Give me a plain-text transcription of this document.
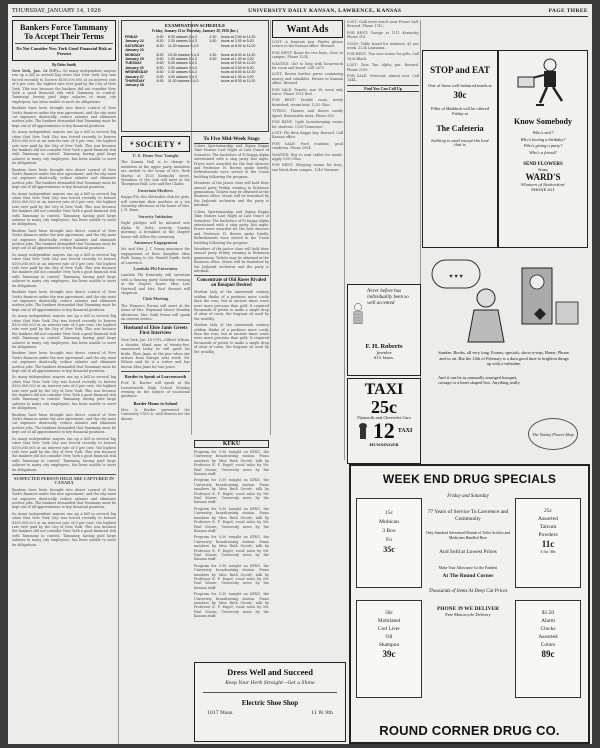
THURSDAY, JANUARY 14, 1926	UNIVERSITY DAILY KANSAN, LAWRENCE, KANSAS	PAGE THREE
Bankers Force Tammany To Accept Their Terms
Do Not Consider New York Good Financial Risk at Present
By Delos Smith

New York, Jan. 14 (UP)— So many independent mayors ran up a bill in several big cities that New York City was forced recently to borrow $100,000,000 at an interest rate of 6 per cent, the highest rate ever paid by the City of New York. This was because the bankers did not consider New York a good financial risk with Tammany in control. Tammany, having paid large salaries to many city employees, has been unable to meet its obligations.

Bankers have been brought into direct control of New York's finances under the new agreement, and the city must cut expenses drastically, reduce salaries and eliminate useless jobs. The bankers demanded that Tammany must be kept out of all appointments to key financial positions.

So many independent mayors ran up a bill in several big cities that New York City was forced recently to borrow $100,000,000 at an interest rate of 6 per cent, the highest rate ever paid by the City of New York. This was because the bankers did not consider New York a good financial risk with Tammany in control. Tammany, having paid large salaries to many city employees, has been unable to meet its obligations.

Bankers have been brought into direct control of New York's finances under the new agreement, and the city must cut expenses drastically, reduce salaries and eliminate useless jobs. The bankers demanded that Tammany must be kept out of all appointments to key financial positions.

So many independent mayors ran up a bill in several big cities that New York City was forced recently to borrow $100,000,000 at an interest rate of 6 per cent, the highest rate ever paid by the City of New York. This was because the bankers did not consider New York a good financial risk with Tammany in control. Tammany, having paid large salaries to many city employees, has been unable to meet its obligations.

Bankers have been brought into direct control of New York's finances under the new agreement, and the city must cut expenses drastically, reduce salaries and eliminate useless jobs. The bankers demanded that Tammany must be kept out of all appointments to key financial positions.

So many independent mayors ran up a bill in several big cities that New York City was forced recently to borrow $100,000,000 at an interest rate of 6 per cent, the highest rate ever paid by the City of New York. This was because the bankers did not consider New York a good financial risk with Tammany in control. Tammany, having paid large salaries to many city employees, has been unable to meet its obligations.

Bankers have been brought into direct control of New York's finances under the new agreement, and the city must cut expenses drastically, reduce salaries and eliminate useless jobs. The bankers demanded that Tammany must be kept out of all appointments to key financial positions.

So many independent mayors ran up a bill in several big cities that New York City was forced recently to borrow $100,000,000 at an interest rate of 6 per cent, the highest rate ever paid by the City of New York. This was because the bankers did not consider New York a good financial risk with Tammany in control. Tammany, having paid large salaries to many city employees, has been unable to meet its obligations.

Bankers have been brought into direct control of New York's finances under the new agreement, and the city must cut expenses drastically, reduce salaries and eliminate useless jobs. The bankers demanded that Tammany must be kept out of all appointments to key financial positions.

So many independent mayors ran up a bill in several big cities that New York City was forced recently to borrow $100,000,000 at an interest rate of 6 per cent, the highest rate ever paid by the City of New York. This was because the bankers did not consider New York a good financial risk with Tammany in control. Tammany, having paid large salaries to many city employees, has been unable to meet its obligations.

Bankers have been brought into direct control of New York's finances under the new agreement, and the city must cut expenses drastically, reduce salaries and eliminate useless jobs. The bankers demanded that Tammany must be kept out of all appointments to key financial positions.

So many independent mayors ran up a bill in several big cities that New York City was forced recently to borrow $100,000,000 at an interest rate of 6 per cent, the highest rate ever paid by the City of New York. This was because the bankers did not consider New York a good financial risk with Tammany in control. Tammany, having paid large salaries to many city employees, has been unable to meet its obligations.

SUSPECTED PERSON HELD ARE CAPTURED IN CANADA

Bankers have been brought into direct control of New York's finances under the new agreement, and the city must cut expenses drastically, reduce salaries and eliminate useless jobs. The bankers demanded that Tammany must be kept out of all appointments to key financial positions.

So many independent mayors ran up a bill in several big cities that New York City was forced recently to borrow $100,000,000 at an interest rate of 6 per cent, the highest rate ever paid by the City of New York. This was because the bankers did not consider New York a good financial risk with Tammany in control. Tammany, having paid large salaries to many city employees, has been unable to meet its obligations.

EXAMINATION SCHEDULE
Friday, January 22 to Thursday, January 28, 1926 (Inc.)
FRIDAY	8:30	8:30 classes 5,4,3	2:30	hours at 2:30 to 11:20
January 22	8:30	2:30 classes 5,4,3	3:30	hours at 3:30 to 5:20
SATURDAY	8:30	11:30 classes 5,4,3		hours at 8:30 to 11:20
January 23				
MONDAY	8:30	10:30 classes 5,4,3	1:30	hours at 8:30 to 11:20
January 25	8:30	1:30 classes 5,4,3	3:30	hours at 1:30 to 3:20
TUESDAY	8:30	9:30 classes 5,4,3		hours at 9:30 to 11:20
January 26	8:30	3:30 classes 5,4,3		hours at 3:30 to 5:20
WEDNESDAY	8:30	1:30 classes 5,4,3		hours at 8:30 to 11:20
January 27	8:30	4:30 classes 5,4,3		hours at 1:30 to 3:20
THURSDAY	8:30	11:30 classes 5,4,3		hours at 8:30 to 11:20
January 28				
❦ SOCIETY ❦
U. S. Demo Now Tonight

The Kansas Hall is to charge to members at the upper party, members are invited to the home of Mrs. Beth Martin at 1020 Kentucky street. Members of the club will meet at the Thompson Hall, Lots and Ber Chaltz.

Entertain Mothers

Kappa Phi, the Methodist club for girls, will entertain their mothers at a tea Saturday afternoon at the home of Mrs. J. H. Bunn.

Sorority Initiation

Eight pledges will be initiated into Alpha Xi Delta sorority Sunday morning. A breakfast at the chapter house will follow the ceremony.

Announce Engagement

Mr. and Mrs. J. T. Young announce the engagement of their daughter Miss Ruth Young to Mr. Harold Smith, both of Lawrence.

Lambda Phi Entertains

Lambda Phi fraternity will entertain with a dancing party Saturday evening at the chapter house. Miss Lois Hartwell and Mrs. Earl Stewart will chaperon.

Club Meeting

The Women's Forum will meet at the home of Mrs. Raymond Moore Monday afternoon. Mrs. Ruth Evans will speak on current events.

Husband of Elsie Janis Greets First Interview
New York, Jan. 14 (UP)—Gilbert Wilson, a slender, blond man of twenty-five, announced today he will greet his bride, Elsie Janis, at the pier when she arrives from Europe next week. Mr. Wilson said he is a writer and has known Miss Janis for two years.
Border to Speak at Leavenworth
Prof. R. Border will speak at the Leavenworth High School Monday evening on the subject of vocational guidance.
Border Home to School
Mrs. A. Border presented the University Y.W.C.A. with flowers for the dinner.
To Five Mid-Week Stags

Colors Sportsmanship and Sigma Kappa Take Honors Last Night at Last Dance of Semester. The bachelors of Pi Kappa Alpha entertained with a stag party last night. Prizes were awarded for the best dancers and Professor H. Brown spoke briefly. Refreshments were served in the Union building following the program.

Members of the junior class will hold their annual party Friday evening in Robinson gymnasium. Tickets may be obtained at the business office. Music will be furnished by the Jayhawk orchestra and the party is informal.

Colors Sportsmanship and Sigma Kappa Take Honors Last Night at Last Dance of Semester. The bachelors of Pi Kappa Alpha entertained with a stag party last night. Prizes were awarded for the best dancers and Professor H. Brown spoke briefly. Refreshments were served in the Union building following the program.

Members of the junior class will hold their annual party Friday evening in Robinson gymnasium. Tickets may be obtained at the business office. Music will be furnished by the Jayhawk orchestra and the party is informal.

Concentrate of Old Roses Rivaled on Bouquet Desired

Modern lady of the nineteenth century seldom thinks of a perfume more costly than the rose, but in ancient times roses were more precious than gold. It required thousands of petals to make a single drop of attar of roses, the fragrant oil used by the wealthy.

Modern lady of the nineteenth century seldom thinks of a perfume more costly than the rose, but in ancient times roses were more precious than gold. It required thousands of petals to make a single drop of attar of roses, the fragrant oil used by the wealthy.

KFKU

Program for 5:30 tonight on KFKU, the University broadcasting station. Piano numbers by Miss Ruth Orcutt; talk by Professor E. F. Engel; vocal solos by Mr. Paul Moore; University news by the Kansan staff.

Program for 5:30 tonight on KFKU, the University broadcasting station. Piano numbers by Miss Ruth Orcutt; talk by Professor E. F. Engel; vocal solos by Mr. Paul Moore; University news by the Kansan staff.

Program for 5:30 tonight on KFKU, the University broadcasting station. Piano numbers by Miss Ruth Orcutt; talk by Professor E. F. Engel; vocal solos by Mr. Paul Moore; University news by the Kansan staff.

Program for 5:30 tonight on KFKU, the University broadcasting station. Piano numbers by Miss Ruth Orcutt; talk by Professor E. F. Engel; vocal solos by Mr. Paul Moore; University news by the Kansan staff.

Program for 5:30 tonight on KFKU, the University broadcasting station. Piano numbers by Miss Ruth Orcutt; talk by Professor E. F. Engel; vocal solos by Mr. Paul Moore; University news by the Kansan staff.

Program for 5:30 tonight on KFKU, the University broadcasting station. Piano numbers by Miss Ruth Orcutt; talk by Professor E. F. Engel; vocal solos by Mr. Paul Moore; University news by the Kansan staff.

Dress Well and Succeed
Keep Your Herb Straight—Get a Shine
Electric Shoe Shop
1017 Mass.	11 W. 9th
Want Ads

LOST: A fountain pen. Finder please return to the Kansan office. Reward.

FOR RENT: Room for two boys, close to campus. Phone 1234.

WANTED: Girl to help with housework for room and board. Call 2671.

LOST: Brown leather purse containing money and valuables. Return to Kansan office. Reward.

FOR SALE: Tuxedo, size 38, worn only twice. Phone 1921 Red.

FOR RENT: Double room, newly furnished, steam heat, 1235 Ohio.

TYPING: Themes and theses neatly typed. Reasonable rates. Phone 850.

FOR RENT: Light housekeeping rooms for students. 1108 Tennessee.

LOST: Phi Beta Kappa key. Reward. Call Kansan office.

FOR SALE: Ford roadster, good condition. Phone 2904.

WANTED: Boy to wait tables for meals. Apply 1200 Ohio.

FOR RENT: Sleeping rooms for boys, one block from campus. 1340 Vermont.

LOST: Gold wrist watch near Fraser hall. Reward. Phone 1742.

FOR RENT: Garage at 1111 Kentucky. Phone 310.

GOOD: Table board for students, $5 per week. 1234 Louisiana.

FOR RENT: Two nice rooms for girls. Call 1836 Black.

LOST: Zeta Tau Alpha pin. Reward. Phone 2109.

FOR SALE: Overcoat, almost new. Call 1444.

Find You Can Call Up
Never before has individuality been so well accented
F. H. Roberts
Jeweler
815 Mass.
TAXI
25c
Plymouth and Chevrolet Cars
12 TAXI
HUNSINGER
STOP and EAT
One of those well balanced meals at
30c
Fillet of Haddock will be offered Friday at
The Cafeteria
Nothing is used except the best that is
Know Somebody
Who's sick?
Who's having a birthday?
Who's giving a party?
Who's a friend?
SEND FLOWERS
from
WARD'S
"Flowers of Distinction"
PHONE 621
♥ ♥ ♥
Sundae, Books, all very long. Exams, specials, show-a-step, Home, Phone, and so on. But the 14th of February is a darn good time to brighten things up with a valentine.
And it can be as unusually arranged bouquet, corsage or a heart shaped box. Anything really.
The Varsity Flower Shop
WEEK END DRUG SPECIALS
15c
Mohican
3 Box
Fo
35c
25c
Assorted
Talcum
Powders
11c
3 for 30c
50c
Mobilated
Cod Liver
Oil
Shampoo
39c
$1.50
Alarm
Clocks
Assorted
Colors
89c
Friday and Saturday
77 Years of Service To Lawrence and Community
Only Standard Advertised Brands of Toilet Articles and Medicines Handled Here
And Sold at Lowest Prices
Make Your Allowance Go the Farthest
At The Round Corner
Thousands of Items At Deep Cut Prices
PHONE 39 WE DELIVER
Free Motorcycle Delivery
ROUND CORNER DRUG CO.
